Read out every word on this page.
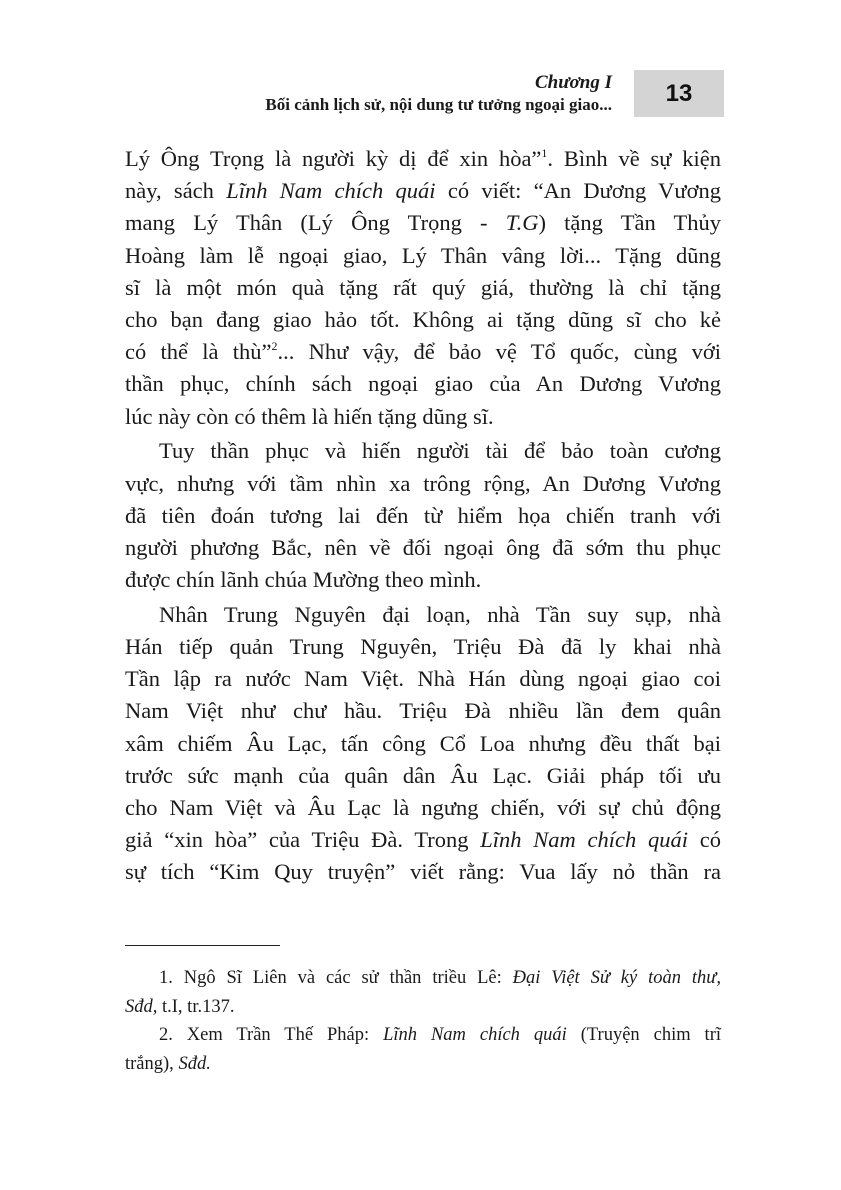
Chương I
Bối cảnh lịch sử, nội dung tư tưởng ngoại giao...	13
Lý Ông Trọng là người kỳ dị để xin hòa”$^1$. Bình về sự kiện
này, sách Lĩnh Nam chích quái có viết: “An Dương Vương
mang Lý Thân (Lý Ông Trọng - T.G) tặng Tần Thủy
Hoàng làm lễ ngoại giao, Lý Thân vâng lời... Tặng dũng
sĩ là một món quà tặng rất quý giá, thường là chỉ tặng
cho bạn đang giao hảo tốt. Không ai tặng dũng sĩ cho kẻ
có thể là thù”$^2$... Như vậy, để bảo vệ Tổ quốc, cùng với
thần phục, chính sách ngoại giao của An Dương Vương
lúc này còn có thêm là hiến tặng dũng sĩ.
Tuy thần phục và hiến người tài để bảo toàn cương
vực, nhưng với tầm nhìn xa trông rộng, An Dương Vương
đã tiên đoán tương lai đến từ hiểm họa chiến tranh với
người phương Bắc, nên về đối ngoại ông đã sớm thu phục
được chín lãnh chúa Mường theo mình.
Nhân Trung Nguyên đại loạn, nhà Tần suy sụp, nhà
Hán tiếp quản Trung Nguyên, Triệu Đà đã ly khai nhà
Tần lập ra nước Nam Việt. Nhà Hán dùng ngoại giao coi
Nam Việt như chư hầu. Triệu Đà nhiều lần đem quân
xâm chiếm Âu Lạc, tấn công Cổ Loa nhưng đều thất bại
trước sức mạnh của quân dân Âu Lạc. Giải pháp tối ưu
cho Nam Việt và Âu Lạc là ngưng chiến, với sự chủ động
giả “xin hòa” của Triệu Đà. Trong Lĩnh Nam chích quái có
sự tích “Kim Quy truyện” viết rằng: Vua lấy nỏ thần ra
1. Ngô Sĩ Liên và các sử thần triều Lê: Đại Việt Sử ký toàn thư,
Sđd, t.I, tr.137.
2. Xem Trần Thế Pháp: Lĩnh Nam chích quái (Truyện chim trĩ
trắng), Sđd.
